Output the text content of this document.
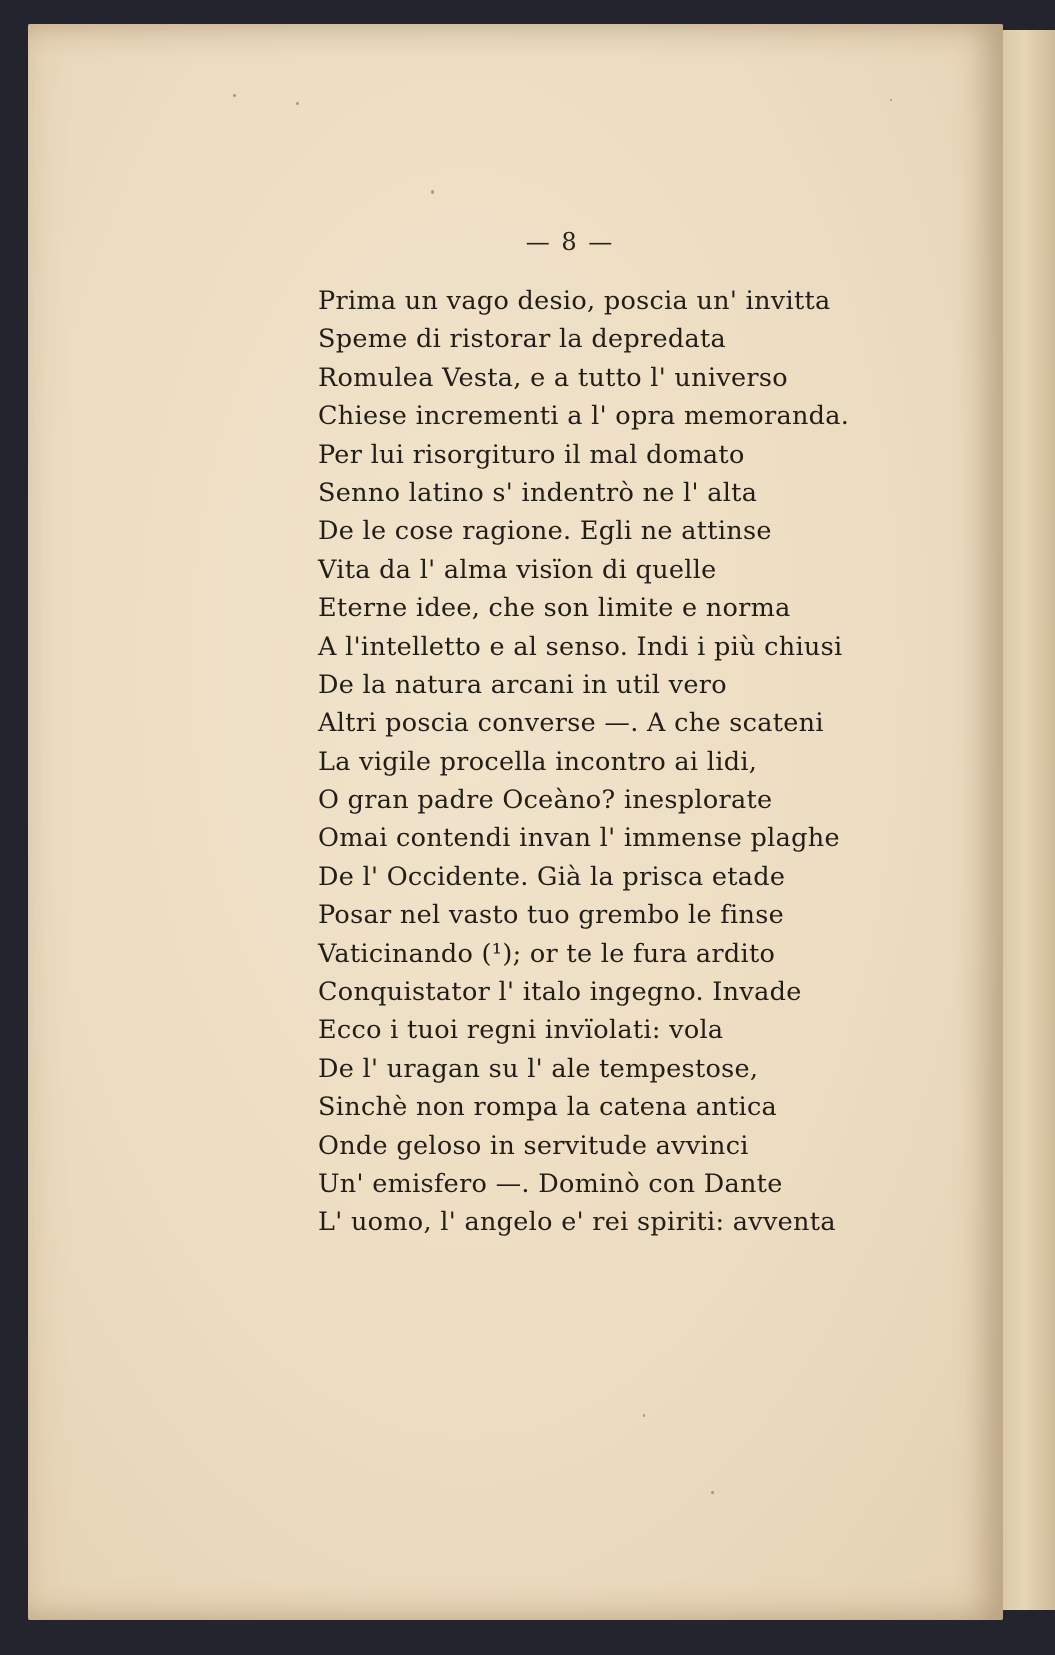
— 8 —
Prima un vago desio, poscia un' invitta
Speme di ristorar la depredata
Romulea Vesta, e a tutto l' universo
Chiese incrementi a l' opra memoranda.
Per lui risorgituro il mal domato
Senno latino s' indentrò ne l' alta
De le cose ragione. Egli ne attinse
Vita da l' alma visïon di quelle
Eterne idee, che son limite e norma
A l'intelletto e al senso. Indi i più chiusi
De la natura arcani in util vero
Altri poscia converse —. A che scateni
La vigile procella incontro ai lidi,
O gran padre Oceàno? inesplorate
Omai contendi invan l' immense plaghe
De l' Occidente. Già la prisca etade
Posar nel vasto tuo grembo le finse
Vaticinando (¹); or te le fura ardito
Conquistator l' italo ingegno. Invade
Ecco i tuoi regni invïolati: vola
De l' uragan su l' ale tempestose,
Sinchè non rompa la catena antica
Onde geloso in servitude avvinci
Un' emisfero —. Dominò con Dante
L' uomo, l' angelo e' rei spiriti: avventa
